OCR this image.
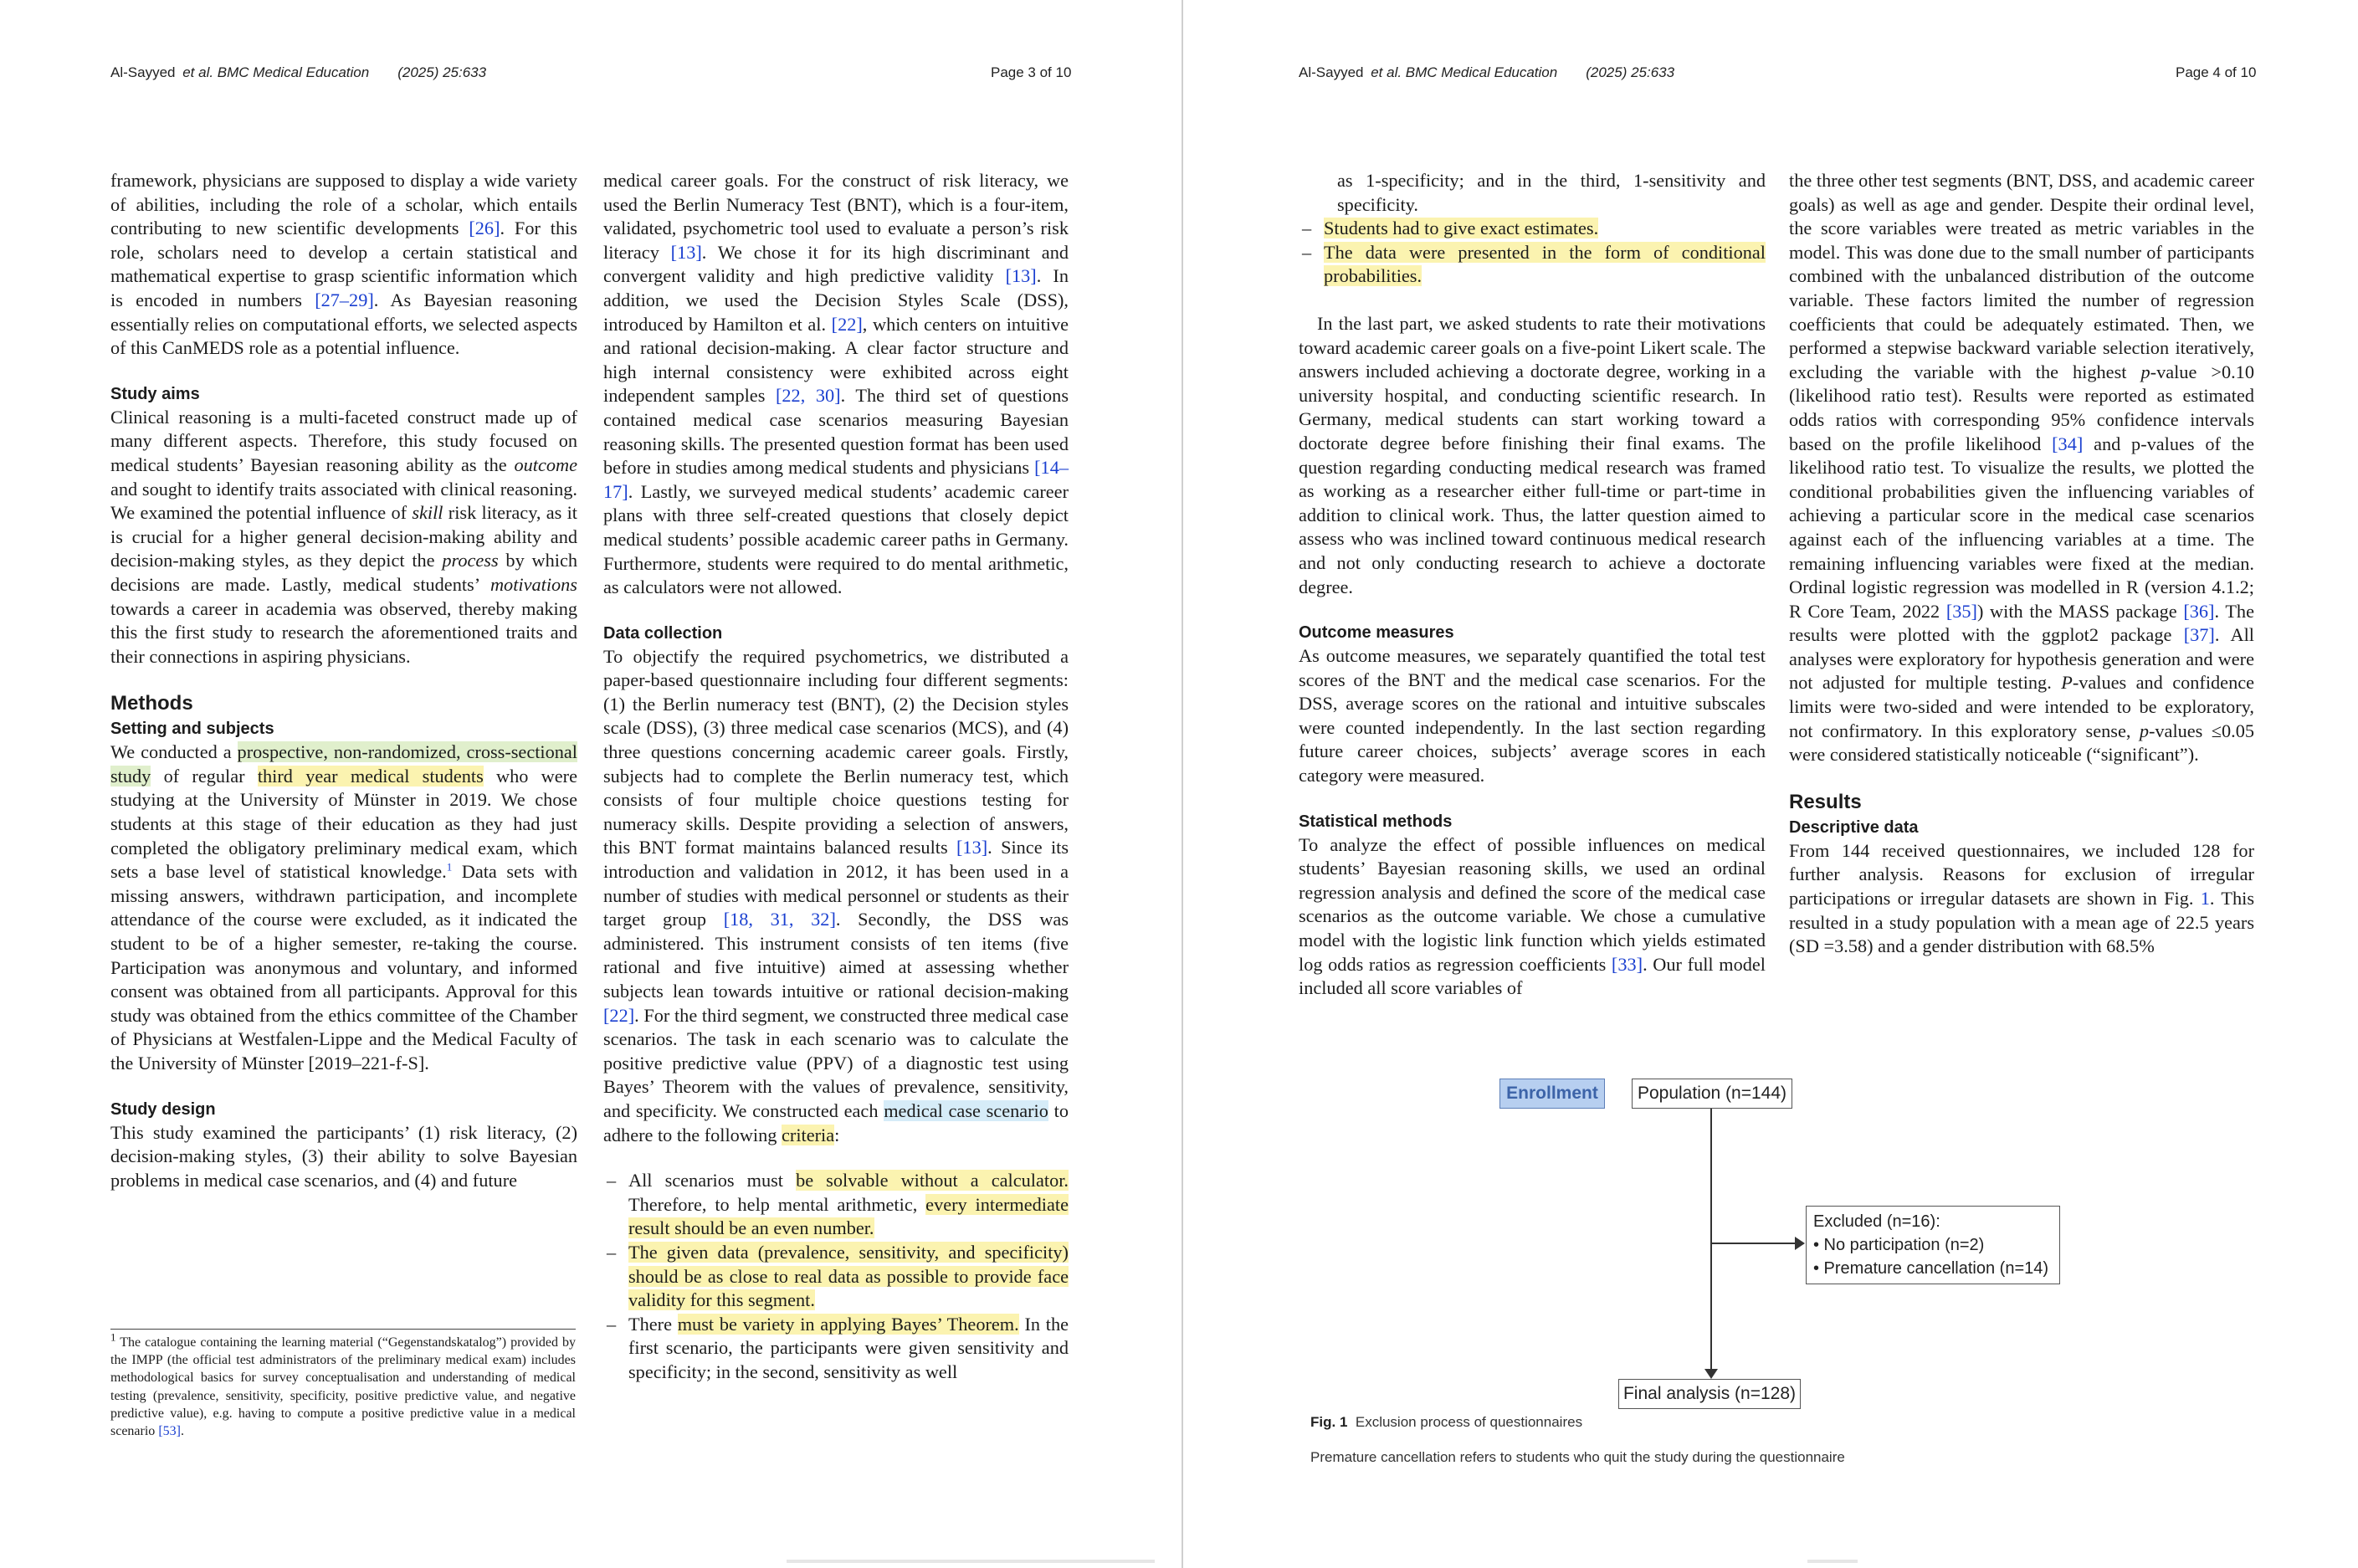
Al-Sayyed
et al. BMC Medical Education (2025) 25:633	Page 3 of 10	Al-Sayyed
et al. BMC Medical Education (2025) 25:633	Page 4 of 10

framework, physicians are supposed to display a wide variety of abilities, including the role of a scholar, which entails contributing to new scientific developments [26]. For this role, scholars need to develop a certain statistical and mathematical expertise to grasp scientific information which is encoded in numbers [27–29]. As Bayesian reasoning essentially relies on computational efforts, we selected aspects of this CanMEDS role as a potential influence.

Study aims

Clinical reasoning is a multi-faceted construct made up of many different aspects. Therefore, this study focused on medical students’ Bayesian reasoning ability as the outcome and sought to identify traits associated with clinical reasoning. We examined the potential influence of skill risk literacy, as it is crucial for a higher general decision-making ability and decision-making styles, as they depict the process by which decisions are made. Lastly, medical students’ motivations towards a career in academia was observed, thereby making this the first study to research the aforementioned traits and their connections in aspiring physicians.

Methods
Setting and subjects

We conducted a prospective, non-randomized, cross-sectional study of regular third year medical students who were studying at the University of Münster in 2019. We chose students at this stage of their education as they had just completed the obligatory preliminary medical exam, which sets a base level of statistical knowledge.$^1$ Data sets with missing answers, withdrawn participation, and incomplete attendance of the course were excluded, as it indicated the student to be of a higher semester, re-taking the course. Participation was anonymous and voluntary, and informed consent was obtained from all participants. Approval for this study was obtained from the ethics committee of the Chamber of Physicians at Westfalen-Lippe and the Medical Faculty of the University of Münster [2019–221-f-S].

Study design

This study examined the participants’ (1) risk literacy, (2) decision-making styles, (3) their ability to solve Bayesian problems in medical case scenarios, and (4) and future

$^1$ The catalogue containing the learning material (“Gegenstandskatalog”) provided by the IMPP (the official test administrators of the preliminary medical exam) includes methodological basics for survey conceptualisation and understanding of medical testing (prevalence, sensitivity, specificity, positive predictive value, and negative predictive value), e.g. having to compute a positive predictive value in a medical scenario [53].

medical career goals. For the construct of risk literacy, we used the Berlin Numeracy Test (BNT), which is a four-item, validated, psychometric tool used to evaluate a person’s risk literacy [13]. We chose it for its high discriminant and convergent validity and high predictive validity [13]. In addition, we used the Decision Styles Scale (DSS), introduced by Hamilton et al. [22], which centers on intuitive and rational decision-making. A clear factor structure and high internal consistency were exhibited across eight independent samples [22, 30]. The third set of questions contained medical case scenarios measuring Bayesian reasoning skills. The presented question format has been used before in studies among medical students and physicians [14–17]. Lastly, we surveyed medical students’ academic career plans with three self-created questions that closely depict medical students’ possible academic career paths in Germany. Furthermore, students were required to do mental arithmetic, as calculators were not allowed.

Data collection

To objectify the required psychometrics, we distributed a paper-based questionnaire including four different segments: (1) the Berlin numeracy test (BNT), (2) the Decision styles scale (DSS), (3) three medical case scenarios (MCS), and (4) three questions concerning academic career goals. Firstly, subjects had to complete the Berlin numeracy test, which consists of four multiple choice questions testing for numeracy skills. Despite providing a selection of answers, this BNT format maintains balanced results [13]. Since its introduction and validation in 2012, it has been used in a number of studies with medical personnel or students as their target group [18, 31, 32]. Secondly, the DSS was administered. This instrument consists of ten items (five rational and five intuitive) aimed at assessing whether subjects lean towards intuitive or rational decision-making [22]. For the third segment, we constructed three medical case scenarios. The task in each scenario was to calculate the positive predictive value (PPV) of a diagnostic test using Bayes’ Theorem with the values of prevalence, sensitivity, and specificity. We constructed each medical case scenario to adhere to the following criteria:

– All scenarios must be solvable without a calculator. Therefore, to help mental arithmetic, every intermediate result should be an even number.
– The given data (prevalence, sensitivity, and specificity) should be as close to real data as possible to provide face validity for this segment.
– There must be variety in applying Bayes’ Theorem. In the first scenario, the participants were given sensitivity and specificity; in the second, sensitivity as well

as 1-specificity; and in the third, 1-sensitivity and specificity.

– Students had to give exact estimates.
– The data were presented in the form of conditional probabilities.

In the last part, we asked students to rate their motivations toward academic career goals on a five-point Likert scale. The answers included achieving a doctorate degree, working in a university hospital, and conducting scientific research. In Germany, medical students can start working toward a doctorate degree before finishing their final exams. The question regarding conducting medical research was framed as working as a researcher either full-time or part-time in addition to clinical work. Thus, the latter question aimed to assess who was inclined toward continuous medical research and not only conducting research to achieve a doctorate degree.

Outcome measures

As outcome measures, we separately quantified the total test scores of the BNT and the medical case scenarios. For the DSS, average scores on the rational and intuitive subscales were counted independently. In the last section regarding future career choices, subjects’ average scores in each category were measured.

Statistical methods

To analyze the effect of possible influences on medical students’ Bayesian reasoning skills, we used an ordinal regression analysis and defined the score of the medical case scenarios as the outcome variable. We chose a cumulative model with the logistic link function which yields estimated log odds ratios as regression coefficients [33]. Our full model included all score variables of

the three other test segments (BNT, DSS, and academic career goals) as well as age and gender. Despite their ordinal level, the score variables were treated as metric variables in the model. This was done due to the small number of participants combined with the unbalanced distribution of the outcome variable. These factors limited the number of regression coefficients that could be adequately estimated. Then, we performed a stepwise backward variable selection iteratively, excluding the variable with the highest p-value >0.10 (likelihood ratio test). Results were reported as estimated odds ratios with corresponding 95% confidence intervals based on the profile likelihood [34] and p-values of the likelihood ratio test. To visualize the results, we plotted the conditional probabilities given the influencing variables of achieving a particular score in the medical case scenarios against each of the influencing variables at a time. The remaining influencing variables were fixed at the median. Ordinal logistic regression was modelled in R (version 4.1.2; R Core Team, 2022 [35]) with the MASS package [36]. The results were plotted with the ggplot2 package [37]. All analyses were exploratory for hypothesis generation and were not adjusted for multiple testing. P-values and confidence limits were two-sided and were intended to be exploratory, not confirmatory. In this exploratory sense, p-values ≤0.05 were considered statistically noticeable (“significant”).

Results
Descriptive data

From 144 received questionnaires, we included 128 for further analysis. Reasons for exclusion of irregular participations or irregular datasets are shown in Fig. 1. This resulted in a study population with a mean age of 22.5 years (SD =3.58) and a gender distribution with 68.5%

Enrollment	Population (n=144)
Excluded (n=16):
• No participation (n=2)
• Premature cancellation (n=14)
Final analysis (n=128)
Fig. 1 Exclusion process of questionnaires
Premature cancellation refers to students who quit the study during the questionnaire
